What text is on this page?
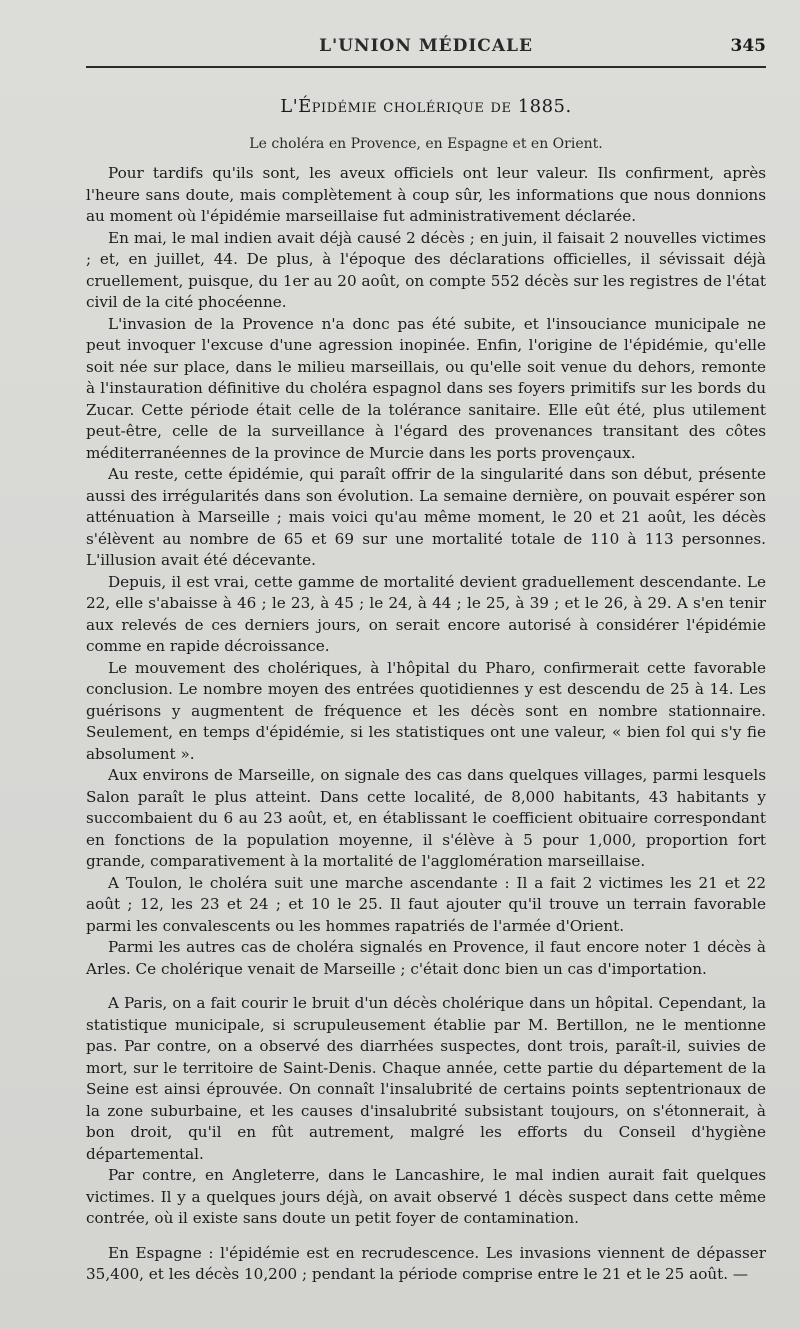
L'UNION MÉDICALE	345
L'Épidémie cholérique de 1885.
Le choléra en Provence, en Espagne et en Orient.

Pour tardifs qu'ils sont, les aveux officiels ont leur valeur. Ils confirment, après l'heure sans doute, mais complètement à coup sûr, les informations que nous donnions au moment où l'épidémie marseillaise fut administrativement déclarée.

En mai, le mal indien avait déjà causé 2 décès ; en juin, il faisait 2 nouvelles victimes ; et, en juillet, 44. De plus, à l'époque des déclarations officielles, il sévissait déjà cruellement, puisque, du 1er au 20 août, on compte 552 décès sur les registres de l'état civil de la cité phocéenne.

L'invasion de la Provence n'a donc pas été subite, et l'insouciance municipale ne peut invoquer l'excuse d'une agression inopinée. Enfin, l'origine de l'épidémie, qu'elle soit née sur place, dans le milieu marseillais, ou qu'elle soit venue du dehors, remonte à l'instauration définitive du choléra espagnol dans ses foyers primitifs sur les bords du Zucar. Cette période était celle de la tolérance sanitaire. Elle eût été, plus utilement peut-être, celle de la surveillance à l'égard des provenances transitant des côtes méditerranéennes de la province de Murcie dans les ports provençaux.

Au reste, cette épidémie, qui paraît offrir de la singularité dans son début, présente aussi des irrégularités dans son évolution. La semaine dernière, on pouvait espérer son atténuation à Marseille ; mais voici qu'au même moment, le 20 et 21 août, les décès s'élèvent au nombre de 65 et 69 sur une mortalité totale de 110 à 113 personnes. L'illusion avait été décevante.

Depuis, il est vrai, cette gamme de mortalité devient graduellement descendante. Le 22, elle s'abaisse à 46 ; le 23, à 45 ; le 24, à 44 ; le 25, à 39 ; et le 26, à 29. A s'en tenir aux relevés de ces derniers jours, on serait encore autorisé à considérer l'épidémie comme en rapide décroissance.

Le mouvement des cholériques, à l'hôpital du Pharo, confirmerait cette favorable conclusion. Le nombre moyen des entrées quotidiennes y est descendu de 25 à 14. Les guérisons y augmentent de fréquence et les décès sont en nombre stationnaire. Seulement, en temps d'épidémie, si les statistiques ont une valeur, « bien fol qui s'y fie absolument ».

Aux environs de Marseille, on signale des cas dans quelques villages, parmi lesquels Salon paraît le plus atteint. Dans cette localité, de 8,000 habitants, 43 habitants y succombaient du 6 au 23 août, et, en établissant le coefficient obituaire correspondant en fonctions de la population moyenne, il s'élève à 5 pour 1,000, proportion fort grande, comparativement à la mortalité de l'agglomération marseillaise.

A Toulon, le choléra suit une marche ascendante : Il a fait 2 victimes les 21 et 22 août ; 12, les 23 et 24 ; et 10 le 25. Il faut ajouter qu'il trouve un terrain favorable parmi les convalescents ou les hommes rapatriés de l'armée d'Orient.

Parmi les autres cas de choléra signalés en Provence, il faut encore noter 1 décès à Arles. Ce cholérique venait de Marseille ; c'était donc bien un cas d'importation.

A Paris, on a fait courir le bruit d'un décès cholérique dans un hôpital. Cependant, la statistique municipale, si scrupuleusement établie par M. Bertillon, ne le mentionne pas. Par contre, on a observé des diarrhées suspectes, dont trois, paraît-il, suivies de mort, sur le territoire de Saint-Denis. Chaque année, cette partie du département de la Seine est ainsi éprouvée. On connaît l'insalubrité de certains points septentrionaux de la zone suburbaine, et les causes d'insalubrité subsistant toujours, on s'étonnerait, à bon droit, qu'il en fût autrement, malgré les efforts du Conseil d'hygiène départemental.

Par contre, en Angleterre, dans le Lancashire, le mal indien aurait fait quelques victimes. Il y a quelques jours déjà, on avait observé 1 décès suspect dans cette même contrée, où il existe sans doute un petit foyer de contamination.

En Espagne : l'épidémie est en recrudescence. Les invasions viennent de dépasser 35,400, et les décès 10,200 ; pendant la période comprise entre le 21 et le 25 août. —
